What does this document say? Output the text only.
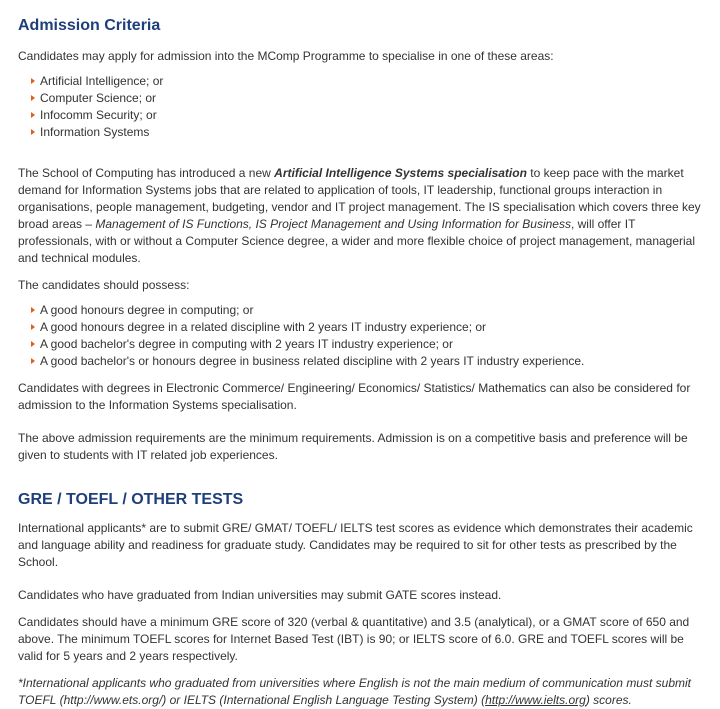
Admission Criteria

Candidates may apply for admission into the MComp Programme to specialise in one of these areas:

Artificial Intelligence; or
Computer Science; or
Infocomm Security; or
Information Systems

The School of Computing has introduced a new Artificial Intelligence Systems specialisation to keep pace with the market demand for Information Systems jobs that are related to application of tools, IT leadership, functional groups interaction in organisations, people management, budgeting, vendor and IT project management. The IS specialisation which covers three key broad areas – Management of IS Functions, IS Project Management and Using Information for Business, will offer IT professionals, with or without a Computer Science degree, a wider and more flexible choice of project management, managerial and technical modules.

The candidates should possess:

A good honours degree in computing; or
A good honours degree in a related discipline with 2 years IT industry experience; or
A good bachelor's degree in computing with 2 years IT industry experience; or
A good bachelor's or honours degree in business related discipline with 2 years IT industry experience.

Candidates with degrees in Electronic Commerce/ Engineering/ Economics/ Statistics/ Mathematics can also be considered for admission to the Information Systems specialisation.

The above admission requirements are the minimum requirements. Admission is on a competitive basis and preference will be given to students with IT related job experiences.

GRE / TOEFL / OTHER TESTS

International applicants* are to submit GRE/ GMAT/ TOEFL/ IELTS test scores as evidence which demonstrates their academic and language ability and readiness for graduate study. Candidates may be required to sit for other tests as prescribed by the School.

Candidates who have graduated from Indian universities may submit GATE scores instead.

Candidates should have a minimum GRE score of 320 (verbal & quantitative) and 3.5 (analytical), or a GMAT score of 650 and above. The minimum TOEFL scores for Internet Based Test (IBT) is 90; or IELTS score of 6.0. GRE and TOEFL scores will be valid for 5 years and 2 years respectively.

*International applicants who graduated from universities where English is not the main medium of communication must submit TOEFL (http://www.ets.org/) or IELTS (International English Language Testing System) (http://www.ielts.org) scores.
